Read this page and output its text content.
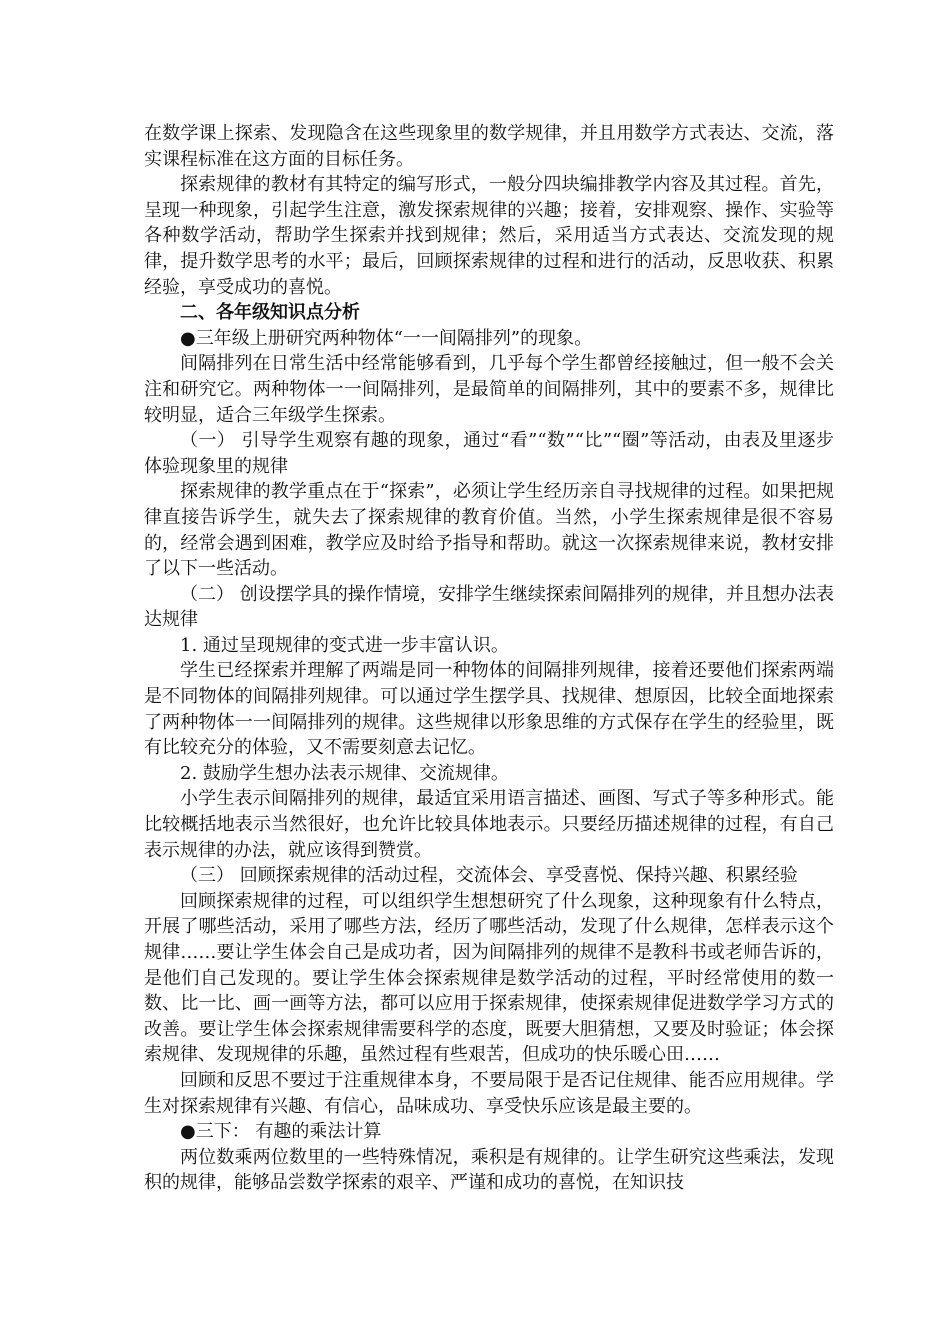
在数学课上探索、发现隐含在这些现象里的数学规律，并且用数学方式表达、交流，落实课程标准在这方面的目标任务。

探索规律的教材有其特定的编写形式，一般分四块编排教学内容及其过程。首先，呈现一种现象，引起学生注意，激发探索规律的兴趣；接着，安排观察、操作、实验等各种数学活动，帮助学生探索并找到规律；然后，采用适当方式表达、交流发现的规律，提升数学思考的水平；最后，回顾探索规律的过程和进行的活动，反思收获、积累经验，享受成功的喜悦。

二、各年级知识点分析

●三年级上册研究两种物体“一一间隔排列”的现象。

间隔排列在日常生活中经常能够看到，几乎每个学生都曾经接触过，但一般不会关注和研究它。两种物体一一间隔排列，是最简单的间隔排列，其中的要素不多，规律比较明显，适合三年级学生探索。

（一） 引导学生观察有趣的现象，通过“看”“数”“比”“圈”等活动，由表及里逐步体验现象里的规律

探索规律的教学重点在于“探索”，必须让学生经历亲自寻找规律的过程。如果把规律直接告诉学生，就失去了探索规律的教育价值。当然，小学生探索规律是很不容易的，经常会遇到困难，教学应及时给予指导和帮助。就这一次探索规律来说，教材安排了以下一些活动。

（二） 创设摆学具的操作情境，安排学生继续探索间隔排列的规律，并且想办法表达规律

1. 通过呈现规律的变式进一步丰富认识。

学生已经探索并理解了两端是同一种物体的间隔排列规律，接着还要他们探索两端是不同物体的间隔排列规律。可以通过学生摆学具、找规律、想原因，比较全面地探索了两种物体一一间隔排列的规律。这些规律以形象思维的方式保存在学生的经验里，既有比较充分的体验，又不需要刻意去记忆。

2. 鼓励学生想办法表示规律、交流规律。

小学生表示间隔排列的规律，最适宜采用语言描述、画图、写式子等多种形式。能比较概括地表示当然很好，也允许比较具体地表示。只要经历描述规律的过程，有自己表示规律的办法，就应该得到赞赏。

（三） 回顾探索规律的活动过程，交流体会、享受喜悦、保持兴趣、积累经验

回顾探索规律的过程，可以组织学生想想研究了什么现象，这种现象有什么特点，开展了哪些活动，采用了哪些方法，经历了哪些活动，发现了什么规律，怎样表示这个规律……要让学生体会自己是成功者，因为间隔排列的规律不是教科书或老师告诉的，是他们自己发现的。要让学生体会探索规律是数学活动的过程，平时经常使用的数一数、比一比、画一画等方法，都可以应用于探索规律，使探索规律促进数学学习方式的改善。要让学生体会探索规律需要科学的态度，既要大胆猜想，又要及时验证；体会探索规律、发现规律的乐趣，虽然过程有些艰苦，但成功的快乐暖心田……

回顾和反思不要过于注重规律本身，不要局限于是否记住规律、能否应用规律。学生对探索规律有兴趣、有信心，品味成功、享受快乐应该是最主要的。

●三下： 有趣的乘法计算

两位数乘两位数里的一些特殊情况，乘积是有规律的。让学生研究这些乘法，发现积的规律，能够品尝数学探索的艰辛、严谨和成功的喜悦，在知识技
